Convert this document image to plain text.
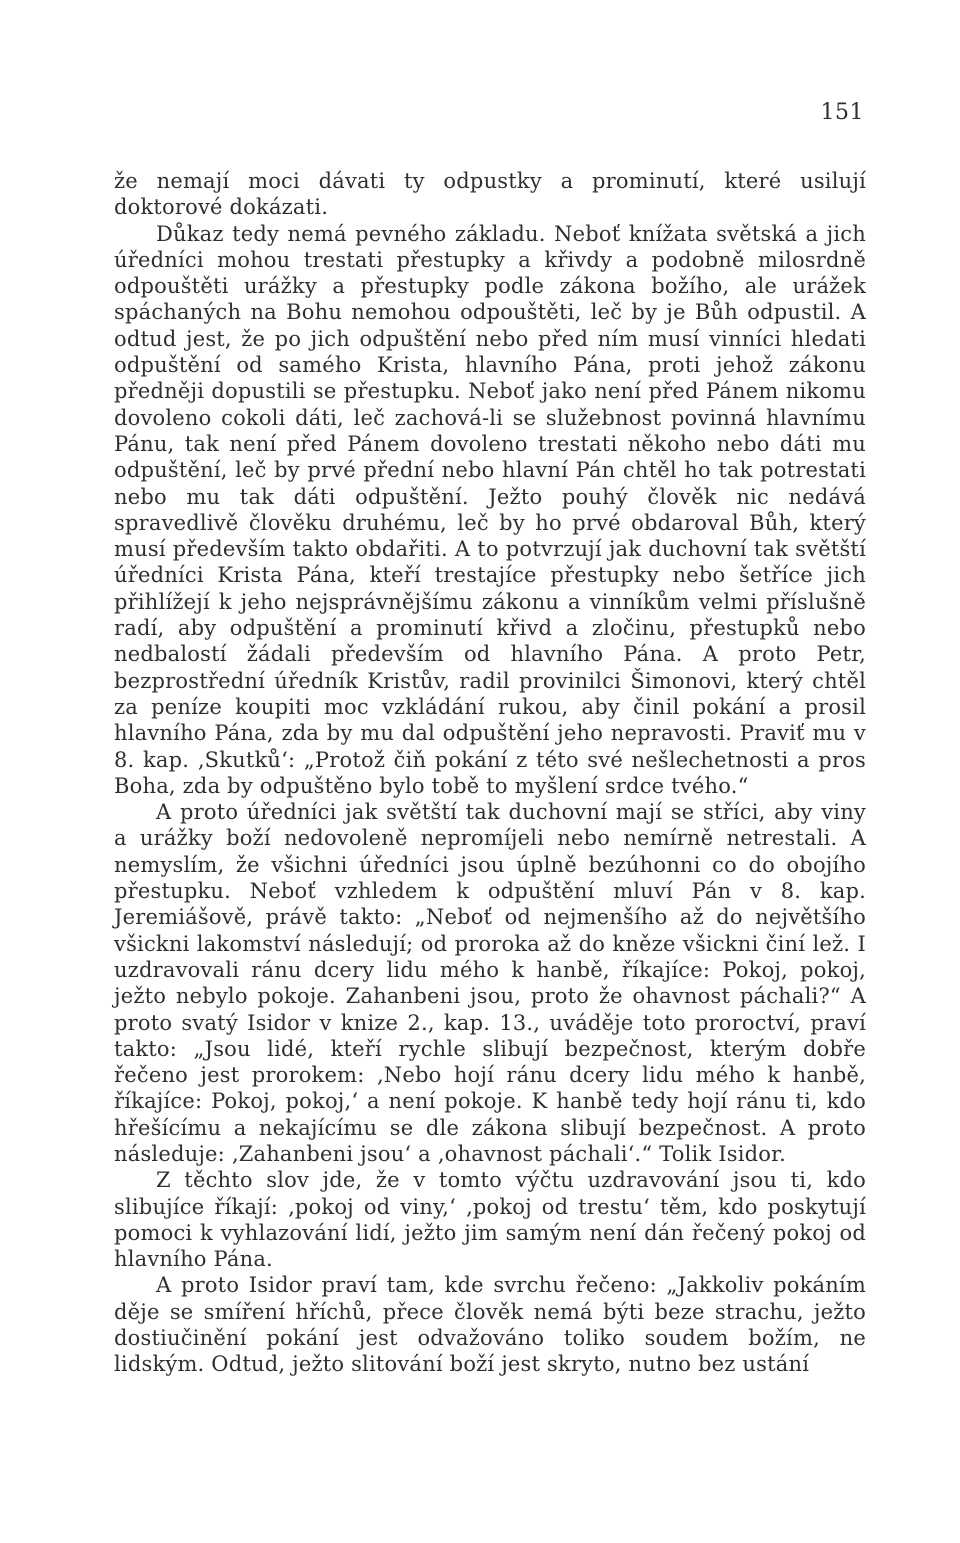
151

že nemají moci dávati ty odpustky a prominutí, které usilují doktorové dokázati.

Důkaz tedy nemá pevného základu. Neboť knížata světská a jich úředníci mohou trestati přestupky a křivdy a podobně milosrdně odpouštěti urážky a přestupky podle zákona božího, ale urážek spáchaných na Bohu nemohou odpouštěti, leč by je Bůh odpustil. A odtud jest, že po jich odpuštění nebo před ním musí vinníci hledati odpuštění od samého Krista, hlavního Pána, proti jehož zákonu předněji dopustili se přestupku. Neboť jako není před Pánem nikomu dovoleno cokoli dáti, leč zachová-li se služebnost povinná hlavnímu Pánu, tak není před Pánem dovoleno trestati někoho nebo dáti mu odpuštění, leč by prvé přední nebo hlavní Pán chtěl ho tak potrestati nebo mu tak dáti odpuštění. Ježto pouhý člověk nic nedává spravedlivě člověku druhému, leč by ho prvé obdaroval Bůh, který musí především takto obdařiti. A to potvrzují jak duchovní tak světští úředníci Krista Pána, kteří trestajíce přestupky nebo šetříce jich přihlížejí k jeho nejsprávnějšímu zákonu a vinníkům velmi příslušně radí, aby odpuštění a prominutí křivd a zločinu, přestupků nebo nedbalostí žádali především od hlavního Pána. A proto Petr, bezprostřední úředník Kristův, radil provinilci Šimonovi, který chtěl za peníze koupiti moc vzkládání rukou, aby činil pokání a prosil hlavního Pána, zda by mu dal odpuštění jeho nepravosti. Praviť mu v 8. kap. ‚Skutků‘: „Protož čiň pokání z této své nešlechetnosti a pros Boha, zda by odpuštěno bylo tobě to myšlení srdce tvého.“

A proto úředníci jak světští tak duchovní mají se stříci, aby viny a urážky boží nedovoleně nepromíjeli nebo nemírně netrestali. A nemyslím, že všichni úředníci jsou úplně bezúhonni co do obojího přestupku. Neboť vzhledem k odpuštění mluví Pán v 8. kap. Jeremiášově, právě takto: „Neboť od nejmenšího až do největšího všickni lakomství následují; od proroka až do kněze všickni činí lež. I uzdravovali ránu dcery lidu mého k hanbě, říkajíce: Pokoj, pokoj, ježto nebylo pokoje. Zahanbeni jsou, proto že ohavnost páchali?“ A proto svatý Isidor v knize 2., kap. 13., uváděje toto proroctví, praví takto: „Jsou lidé, kteří rychle slibují bezpečnost, kterým dobře řečeno jest prorokem: ‚Nebo hojí ránu dcery lidu mého k hanbě, říkajíce: Pokoj, pokoj,‘ a není pokoje. K hanbě tedy hojí ránu ti, kdo hřešícímu a nekajícímu se dle zákona slibují bezpečnost. A proto následuje: ‚Zahanbeni jsou‘ a ‚ohavnost páchali‘.“ Tolik Isidor.

Z těchto slov jde, že v tomto výčtu uzdravování jsou ti, kdo slibujíce říkají: ‚pokoj od viny,‘ ‚pokoj od trestu‘ těm, kdo poskytují pomoci k vyhlazování lidí, ježto jim samým není dán řečený pokoj od hlavního Pána.

A proto Isidor praví tam, kde svrchu řečeno: „Jakkoliv pokáním děje se smíření hříchů, přece člověk nemá býti beze strachu, ježto dostiučinění pokání jest odvažováno toliko soudem božím, ne lidským. Odtud, ježto slitování boží jest skryto, nutno bez ustání
